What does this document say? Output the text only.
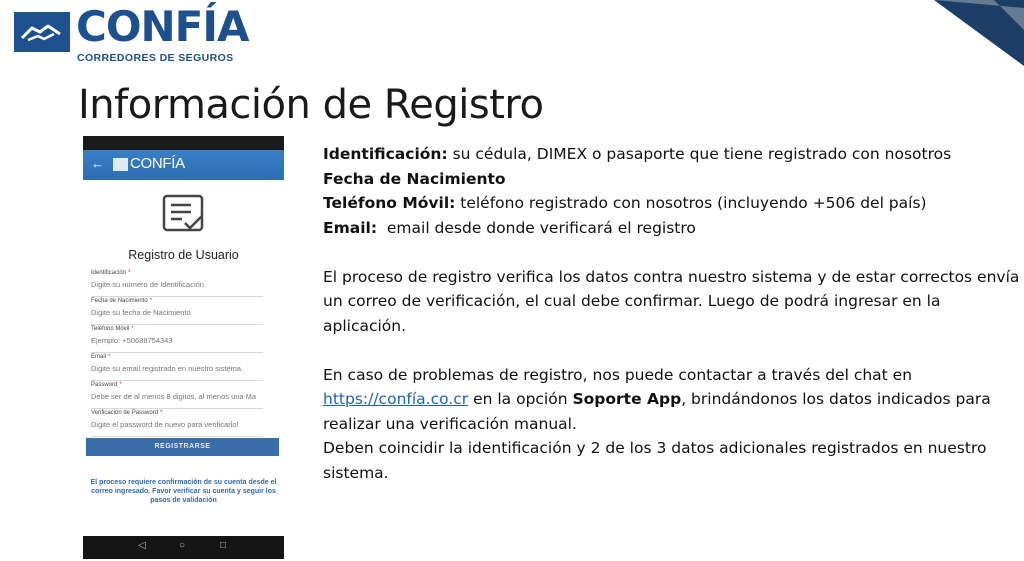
CONFÍA
CORREDORES DE SEGUROS
Información de Registro
← CONFÍA
Registro de Usuario
Identificación *
Digite su numero de Identificación.
Fecha de Nacimiento *
Digite su fecha de Nacimiento
Teléfono Móvil *
Ejemplo: +50688754343
Email *
Digite su email registrado en nuestro sistema.
Password *
Debe ser de al menos 8 digitos, al menos una Ma
Verificación de Password *
Digite el password de nuevo para verificarlo!
REGISTRARSE
El proceso requiere confirmación de su cuenta desde el correo ingresado. Favor verificar su cuenta y seguir los pasos de validación
◁	○	□

Identificación: su cédula, DIMEX o pasaporte que tiene registrado con nosotros

Fecha de Nacimiento

Teléfono Móvil: teléfono registrado con nosotros (incluyendo +506 del país)

Email:  email desde donde verificará el registro

El proceso de registro verifica los datos contra nuestro sistema y de estar correctos envía un correo de verificación, el cual debe confirmar. Luego de podrá ingresar en la aplicación.

En caso de problemas de registro, nos puede contactar a través del chat en https://confía.co.cr en la opción Soporte App, brindándonos los datos indicados para realizar una verificación manual.

Deben coincidir la identificación y 2 de los 3 datos adicionales registrados en nuestro sistema.
